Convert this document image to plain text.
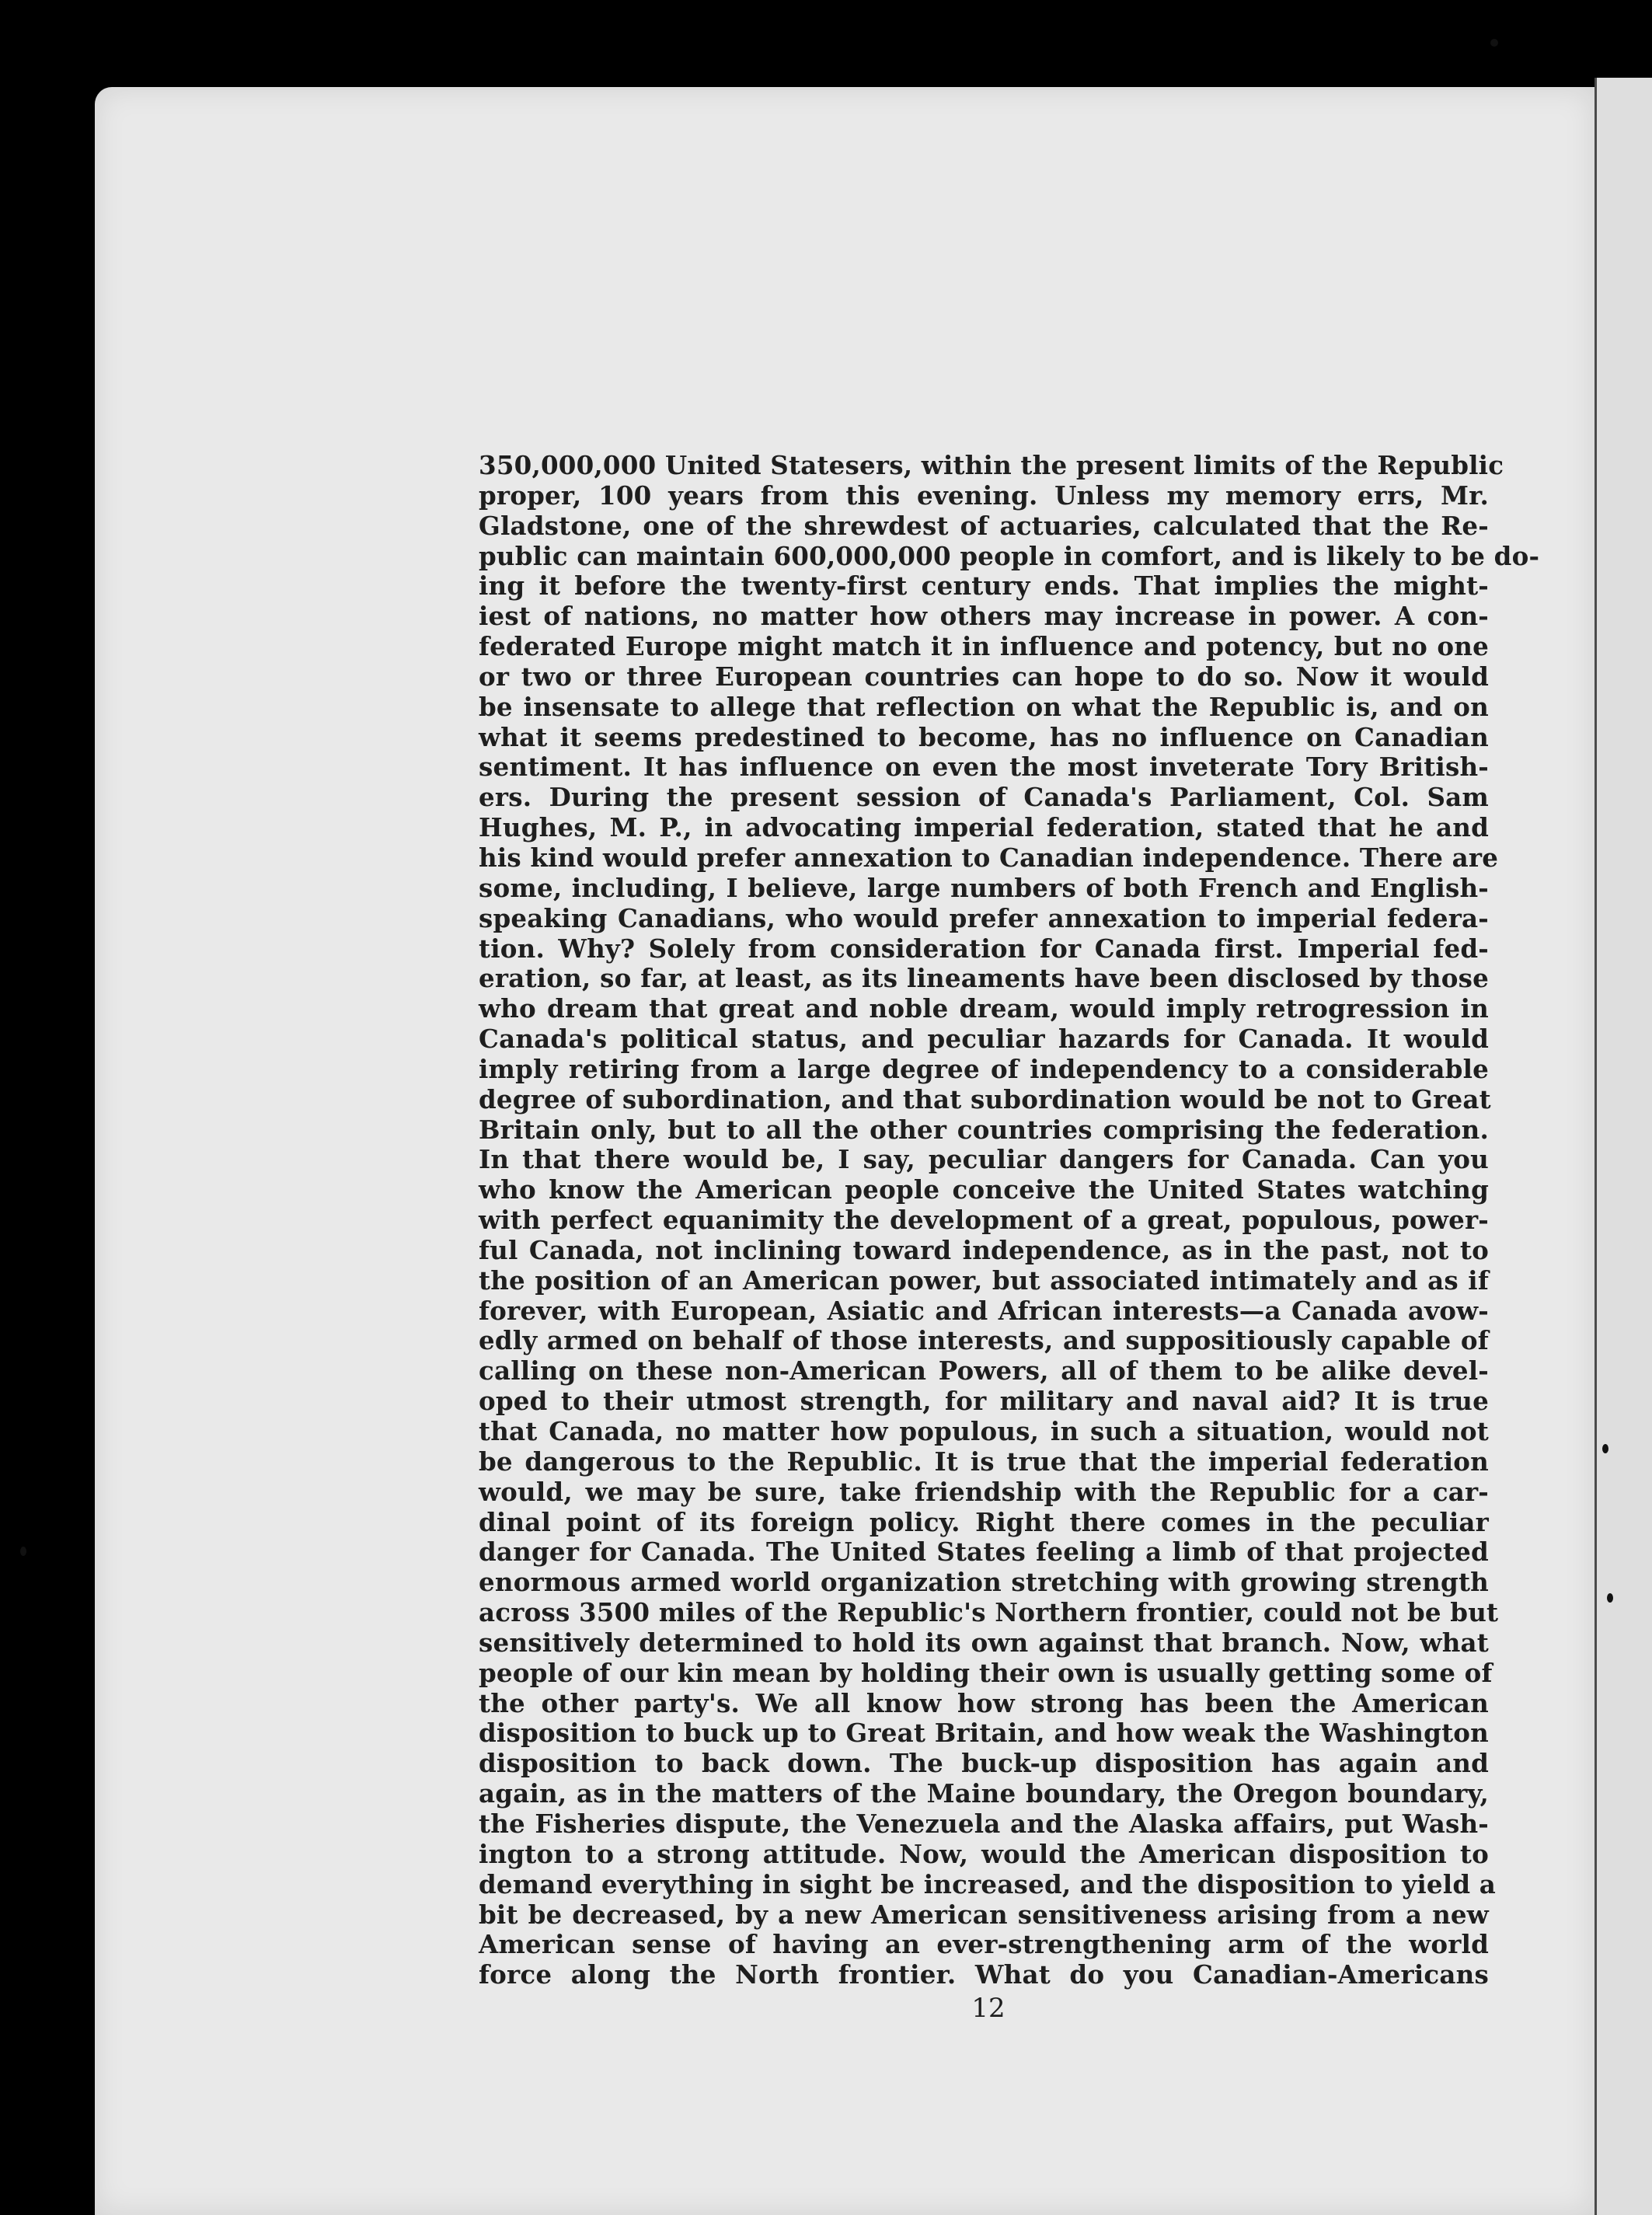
350,000,000 United Statesers, within the present limits of the Republic
proper, 100 years from this evening. Unless my memory errs, Mr.
Gladstone, one of the shrewdest of actuaries, calculated that the Re-
public can maintain 600,000,000 people in comfort, and is likely to be do-
ing it before the twenty-first century ends. That implies the might-
iest of nations, no matter how others may increase in power. A con-
federated Europe might match it in influence and potency, but no one
or two or three European countries can hope to do so. Now it would
be insensate to allege that reflection on what the Republic is, and on
what it seems predestined to become, has no influence on Canadian
sentiment. It has influence on even the most inveterate Tory British-
ers. During the present session of Canada's Parliament, Col. Sam
Hughes, M. P., in advocating imperial federation, stated that he and
his kind would prefer annexation to Canadian independence. There are
some, including, I believe, large numbers of both French and English-
speaking Canadians, who would prefer annexation to imperial federa-
tion. Why? Solely from consideration for Canada first. Imperial fed-
eration, so far, at least, as its lineaments have been disclosed by those
who dream that great and noble dream, would imply retrogression in
Canada's political status, and peculiar hazards for Canada. It would
imply retiring from a large degree of independency to a considerable
degree of subordination, and that subordination would be not to Great
Britain only, but to all the other countries comprising the federation.
In that there would be, I say, peculiar dangers for Canada. Can you
who know the American people conceive the United States watching
with perfect equanimity the development of a great, populous, power-
ful Canada, not inclining toward independence, as in the past, not to
the position of an American power, but associated intimately and as if
forever, with European, Asiatic and African interests—a Canada avow-
edly armed on behalf of those interests, and suppositiously capable of
calling on these non-American Powers, all of them to be alike devel-
oped to their utmost strength, for military and naval aid? It is true
that Canada, no matter how populous, in such a situation, would not
be dangerous to the Republic. It is true that the imperial federation
would, we may be sure, take friendship with the Republic for a car-
dinal point of its foreign policy. Right there comes in the peculiar
danger for Canada. The United States feeling a limb of that projected
enormous armed world organization stretching with growing strength
across 3500 miles of the Republic's Northern frontier, could not be but
sensitively determined to hold its own against that branch. Now, what
people of our kin mean by holding their own is usually getting some of
the other party's. We all know how strong has been the American
disposition to buck up to Great Britain, and how weak the Washington
disposition to back down. The buck-up disposition has again and
again, as in the matters of the Maine boundary, the Oregon boundary,
the Fisheries dispute, the Venezuela and the Alaska affairs, put Wash-
ington to a strong attitude. Now, would the American disposition to
demand everything in sight be increased, and the disposition to yield a
bit be decreased, by a new American sensitiveness arising from a new
American sense of having an ever-strengthening arm of the world
force along the North frontier. What do you Canadian-Americans
12
